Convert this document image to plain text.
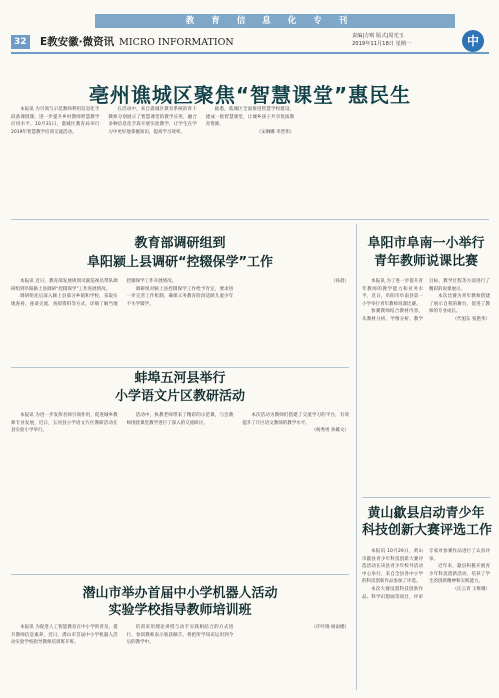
教育信息化专刊
32 E教安徽·微资讯 MICRO INFORMATION
责编|方则 版式|周光玉
2019年11月18日 星期一	中
亳州谯城区聚焦“智慧课堂”惠民生

本报讯 为引领与示范教师利用信息化手段备课授课，进一步提升乡村教师智慧教学应用水平，10月31日，谯城区教育局举行2019年智慧教学培训交流活动。

在活动中，来自谯城区教育系统的骨干教师分别展示了智慧课堂的教学应用，融合多种信息化手段开展实验教学，让学生在学习中更好地掌握知识，提高学习效率。

据悉，谯城区全面推进智慧学校建设，建成一批智慧课堂，让城乡孩子共享优质教育资源。

（宋琳娜 李晋伟）

教育部调研组到
阜阳颍上县调研“控辍保学”工作

本报讯 近日，教育部发展规划司副巡视员带队调研组到阜阳颍上县调研“控辍保学”工作进展情况。

调研组先后深入颍上县部分乡镇和学校，采取实地查看、座谈交流、查阅资料等方式，详细了解当地控辍保学工作开展情况。

调研组对颍上县控辍保学工作给予肯定，要求进一步完善工作机制，确保义务教育阶段适龄儿童少年不失学辍学。

（孙晨）

蚌埠五河县举行
小学语文片区教研活动

本报讯 为进一步发挥名师引领作用，促进城乡教师专业发展，近日，五河县小学语文片区教研活动在县实验小学举行。

活动中，执教老师带来了精彩的示范课，与会教师围绕课堂教学进行了深入的交流研讨。

本次活动为教师们搭建了交流学习的平台，有效提升了片区语文教师的教学水平。

（杨秀男 孙雄文）

潜山市举办首届中小学机器人活动
实验学校指导教师培训班

本报讯 为促进人工智能教育在中小学的普及，提升教师信息素养，近日，潜山市首届中小学机器人活动实验学校指导教师培训班开班。

培训采用理论讲授与动手实践相结合的方式进行，参训教师表示收获颇丰，将把所学知识运用到今后的教学中。

（许叶锦 杨雨楼）

阜阳市阜南一小举行
青年教师说课比赛

本报讯 为了进一步提升青年教师的教学能力和业务水平，近日，阜阳市阜南县第一小学举行青年教师说课比赛。

参赛教师结合教材内容，从教材分析、学情分析、教学目标、教学过程等方面进行了精彩的说课展示。

本次比赛为青年教师搭建了展示自我的舞台，促进了教师的专业成长。

（代旭东 张艳华）

黄山歙县启动青少年
科技创新大赛评选工作

本报讯 10月29日，黄山市歙县青少年科技创新大赛评选活动在该县青少年校外活动中心举行，来自全县各中小学的科技创新作品参加了评选。

本次大赛设置科技创新作品、科学幻想画等项目，评审专家对参赛作品进行了认真评审。

近年来，歙县积极开展青少年科技创新活动，培养了学生的创新精神和实践能力。

（汪云青 王维珊）
